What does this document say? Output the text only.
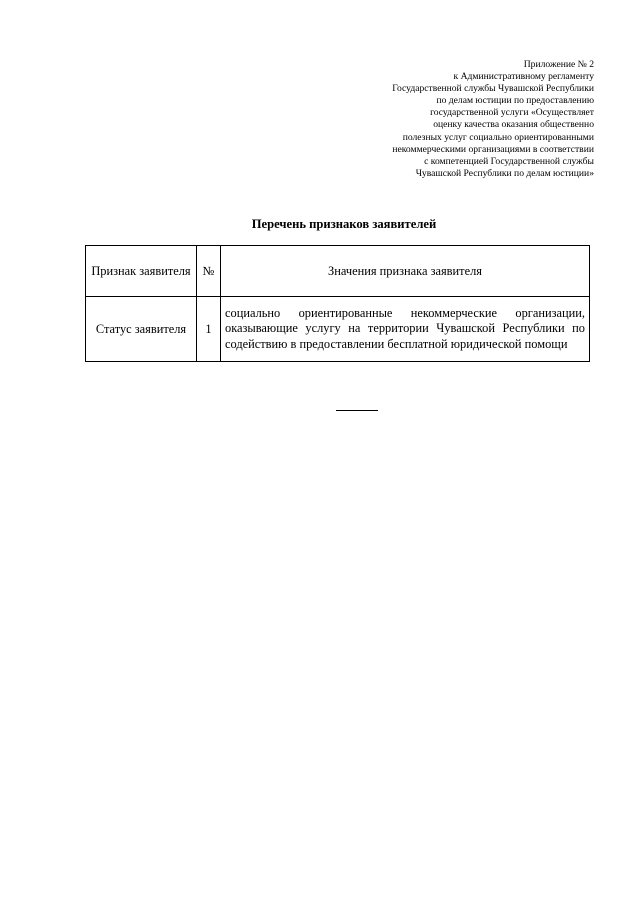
Приложение № 2
к Административному регламенту
Государственной службы Чувашской Республики
по делам юстиции по предоставлению
государственной услуги «Осуществляет
оценку качества оказания общественно
полезных услуг социально ориентированными
некоммерческими организациями в соответствии
с компетенцией Государственной службы
Чувашской Республики по делам юстиции»
Перечень признаков заявителей
Признак заявителя	№	Значения признака заявителя
Статус заявителя	1	социально ориентированные некоммерческие организации, оказывающие услугу на территории Чувашской Республики по содействию в предоставлении бесплатной юридической помощи
